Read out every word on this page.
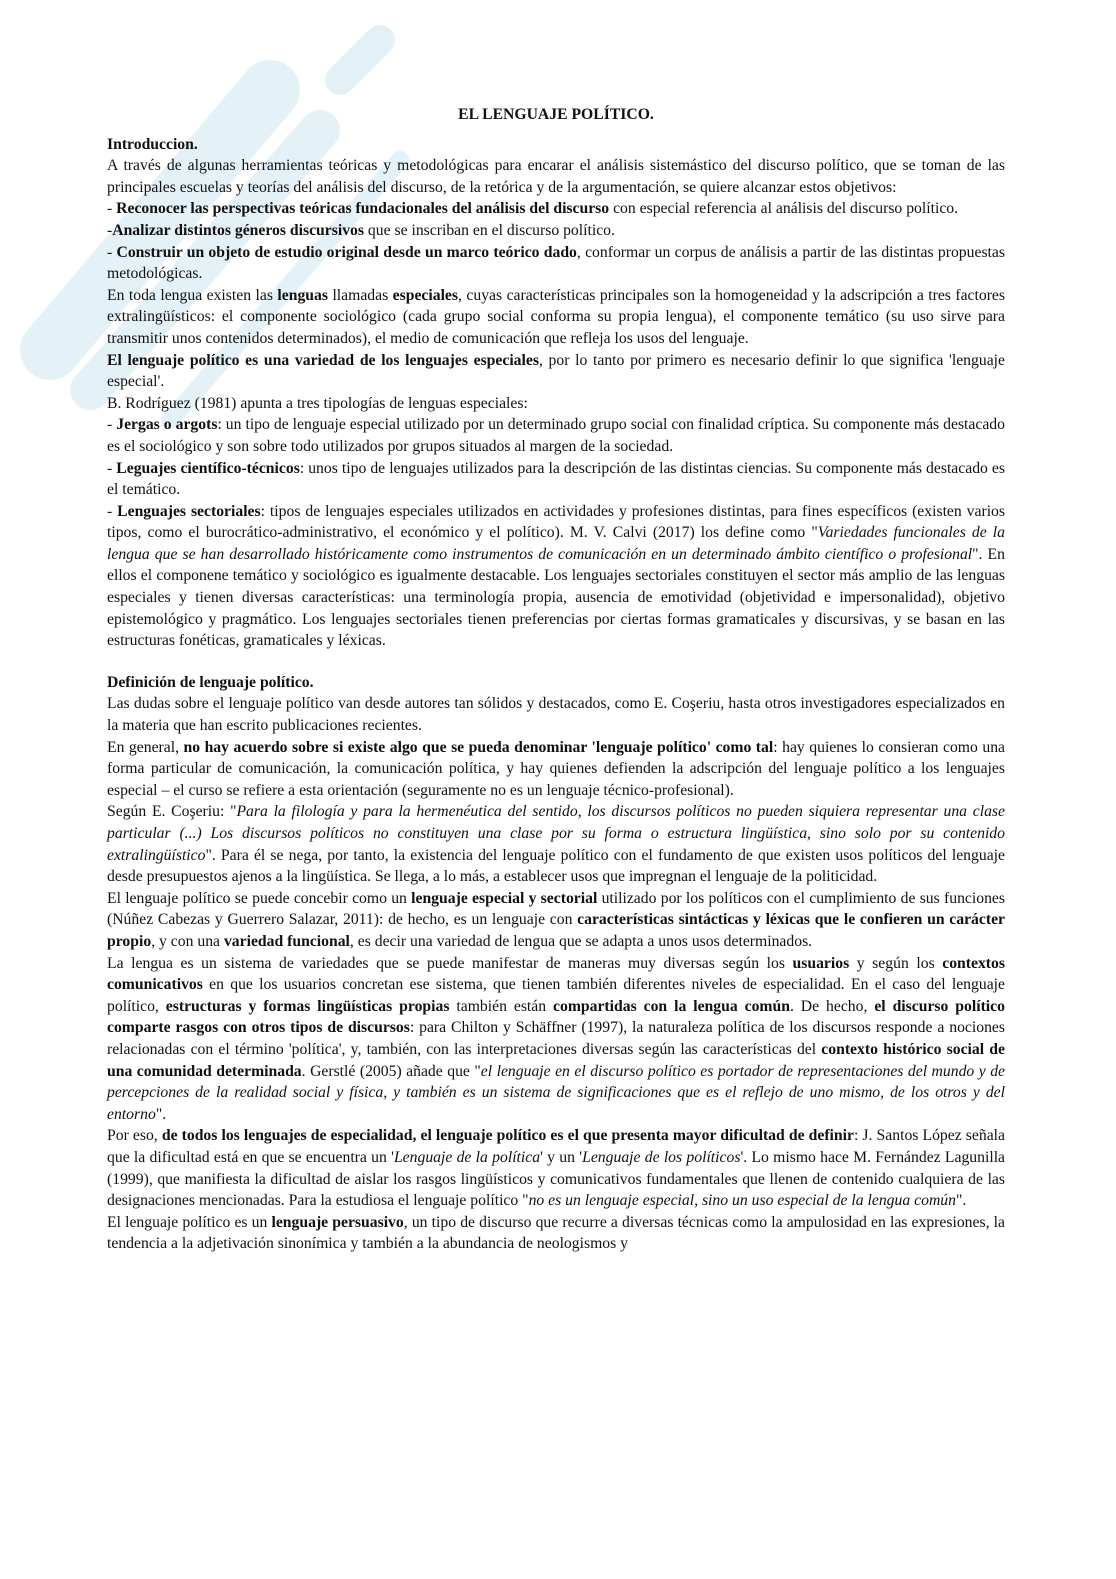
EL LENGUAJE POLÍTICO.
Introduccion.

A través de algunas herramientas teóricas y metodológicas para encarar el análisis sistemástico del discurso político, que se toman de las principales escuelas y teorías del análisis del discurso, de la retórica y de la argumentación, se quiere alcanzar estos objetivos:

- Reconocer las perspectivas teóricas fundacionales del análisis del discurso con especial referencia al análisis del discurso político.

-Analizar distintos géneros discursivos que se inscriban en el discurso político.

- Construir un objeto de estudio original desde un marco teórico dado, conformar un corpus de análisis a partir de las distintas propuestas metodológicas.

En toda lengua existen las lenguas llamadas especiales, cuyas características principales son la homogeneidad y la adscripción a tres factores extralingüísticos: el componente sociológico (cada grupo social conforma su propia lengua), el componente temático (su uso sirve para transmitir unos contenidos determinados), el medio de comunicación que refleja los usos del lenguaje.

El lenguaje político es una variedad de los lenguajes especiales, por lo tanto por primero es necesario definir lo que significa 'lenguaje especial'.

B. Rodríguez (1981) apunta a tres tipologías de lenguas especiales:

- Jergas o argots: un tipo de lenguaje especial utilizado por un determinado grupo social con finalidad críptica. Su componente más destacado es el sociológico y son sobre todo utilizados por grupos situados al margen de la sociedad.

- Leguajes científico-técnicos: unos tipo de lenguajes utilizados para la descripción de las distintas ciencias. Su componente más destacado es el temático.

- Lenguajes sectoriales: tipos de lenguajes especiales utilizados en actividades y profesiones distintas, para fines específicos (existen varios tipos, como el burocrático-administrativo, el económico y el político). M. V. Calvi (2017) los define como "Variedades funcionales de la lengua que se han desarrollado históricamente como instrumentos de comunicación en un determinado ámbito científico o profesional". En ellos el componene temático y sociológico es igualmente destacable. Los lenguajes sectoriales constituyen el sector más amplio de las lenguas especiales y tienen diversas características: una terminología propia, ausencia de emotividad (objetividad e impersonalidad), objetivo epistemológico y pragmático. Los lenguajes sectoriales tienen preferencias por ciertas formas gramaticales y discursivas, y se basan en las estructuras fonéticas, gramaticales y léxicas.

Definición de lenguaje político.

Las dudas sobre el lenguaje político van desde autores tan sólidos y destacados, como E. Coşeriu, hasta otros investigadores especializados en la materia que han escrito publicaciones recientes.

En general, no hay acuerdo sobre si existe algo que se pueda denominar 'lenguaje político' como tal: hay quienes lo consieran como una forma particular de comunicación, la comunicación política, y hay quienes defienden la adscripción del lenguaje político a los lenguajes especial – el curso se refiere a esta orientación (seguramente no es un lenguaje técnico-profesional).

Según E. Coşeriu: "Para la filología y para la hermenéutica del sentido, los discursos políticos no pueden siquiera representar una clase particular (...) Los discursos políticos no constituyen una clase por su forma o estructura lingüística, sino solo por su contenido extralingüístico". Para él se nega, por tanto, la existencia del lenguaje político con el fundamento de que existen usos políticos del lenguaje desde presupuestos ajenos a la lingüística. Se llega, a lo más, a establecer usos que impregnan el lenguaje de la politicidad.

El lenguaje político se puede concebir como un lenguaje especial y sectorial utilizado por los políticos con el cumplimiento de sus funciones (Núñez Cabezas y Guerrero Salazar, 2011): de hecho, es un lenguaje con características sintácticas y léxicas que le confieren un carácter propio, y con una variedad funcional, es decir una variedad de lengua que se adapta a unos usos determinados.

La lengua es un sistema de variedades que se puede manifestar de maneras muy diversas según los usuarios y según los contextos comunicativos en que los usuarios concretan ese sistema, que tienen también diferentes niveles de especialidad. En el caso del lenguaje político, estructuras y formas lingüísticas propias también están compartidas con la lengua común. De hecho, el discurso político comparte rasgos con otros tipos de discursos: para Chilton y Schäffner (1997), la naturaleza política de los discursos responde a nociones relacionadas con el término 'política', y, también, con las interpretaciones diversas según las características del contexto histórico social de una comunidad determinada. Gerstlé (2005) añade que "el lenguaje en el discurso político es portador de representaciones del mundo y de percepciones de la realidad social y física, y también es un sistema de significaciones que es el reflejo de uno mismo, de los otros y del entorno".

Por eso, de todos los lenguajes de especialidad, el lenguaje político es el que presenta mayor dificultad de definir: J. Santos López señala que la dificultad está en que se encuentra un 'Lenguaje de la política' y un 'Lenguaje de los políticos'. Lo mismo hace M. Fernández Lagunilla (1999), que manifiesta la dificultad de aislar los rasgos lingüísticos y comunicativos fundamentales que llenen de contenido cualquiera de las designaciones mencionadas. Para la estudiosa el lenguaje político "no es un lenguaje especial, sino un uso especial de la lengua común".

El lenguaje político es un lenguaje persuasivo, un tipo de discurso que recurre a diversas técnicas como la ampulosidad en las expresiones, la tendencia a la adjetivación sinonímica y también a la abundancia de neologismos y
